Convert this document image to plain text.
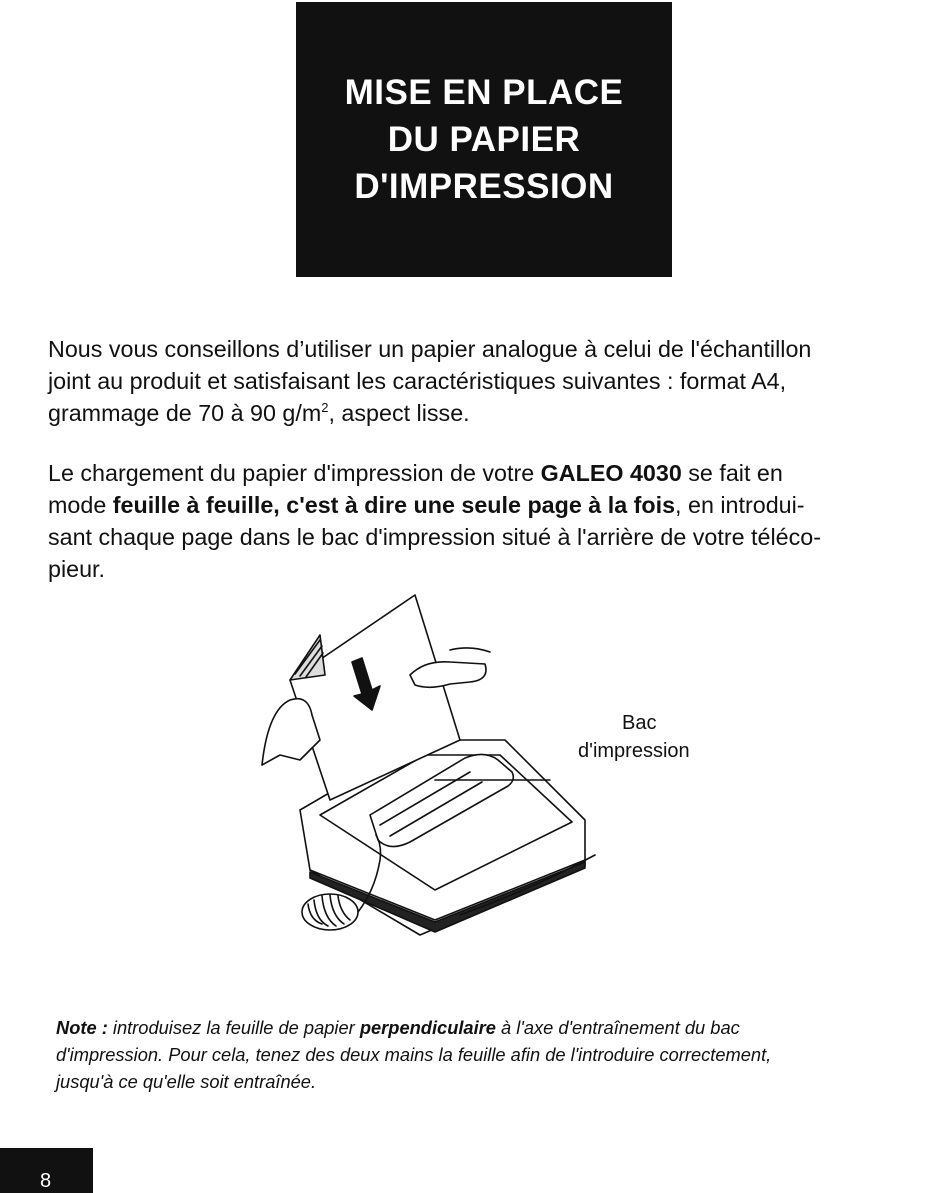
MISE EN PLACE
DU PAPIER
D'IMPRESSION

Nous vous conseillons d’utiliser un papier analogue à celui de l'échantillon
joint au produit et satisfaisant les caractéristiques suivantes : format A4,
grammage de 70 à 90 $g/m^2$, aspect lisse.

Le chargement du papier d'impression de votre GALEO 4030 se fait en
mode feuille à feuille, c'est à dire une seule page à la fois, en introdui-
sant chaque page dans le bac d'impression situé à l'arrière de votre téléco-
pieur.

Bac
d'impression

Note : introduisez la feuille de papier perpendiculaire à l'axe d'entraînement du bac
d'impression. Pour cela, tenez des deux mains la feuille afin de l'introduire correctement,
jusqu'à ce qu'elle soit entraînée.

8
